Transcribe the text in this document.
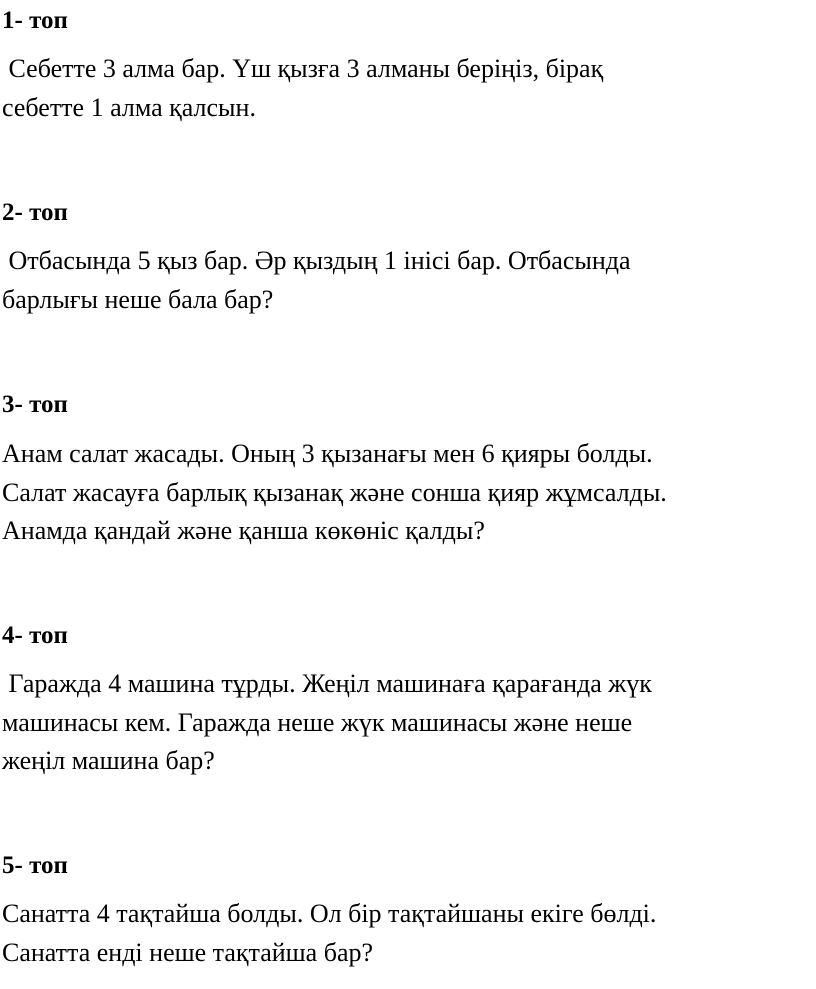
1- топ

Себетте 3 алма бар. Үш қызға 3 алманы беріңіз, бірақ

себетте 1 алма қалсын.

2- топ

Отбасында 5 қыз бар. Әр қыздың 1 інісі бар. Отбасында

барлығы неше бала бар?

3- топ

Анам салат жасады. Оның 3 қызанағы мен 6 қияры болды.

Салат жасауға барлық қызанақ және сонша қияр жұмсалды.

Анамда қандай және қанша көкөніс қалды?

4- топ

Гаражда 4 машина тұрды. Жеңіл машинаға қарағанда жүк

машинасы кем. Гаражда неше жүк машинасы және неше

жеңіл машина бар?

5- топ

Санатта 4 тақтайша болды. Ол бір тақтайшаны екіге бөлді.

Санатта енді неше тақтайша бар?
